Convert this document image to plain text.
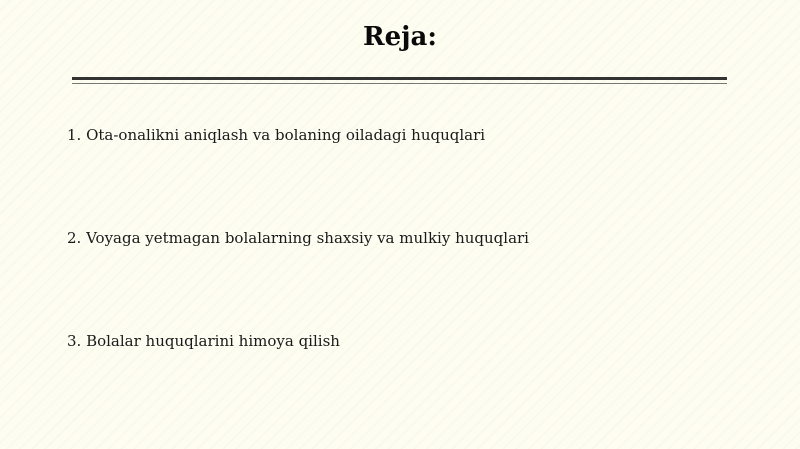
Reja:
1. Ota-onalikni aniqlash va bolaning oiladagi huquqlari
2. Voyaga yetmagan bolalarning shaxsiy va mulkiy huquqlari
3. Bolalar huquqlarini himoya qilish
